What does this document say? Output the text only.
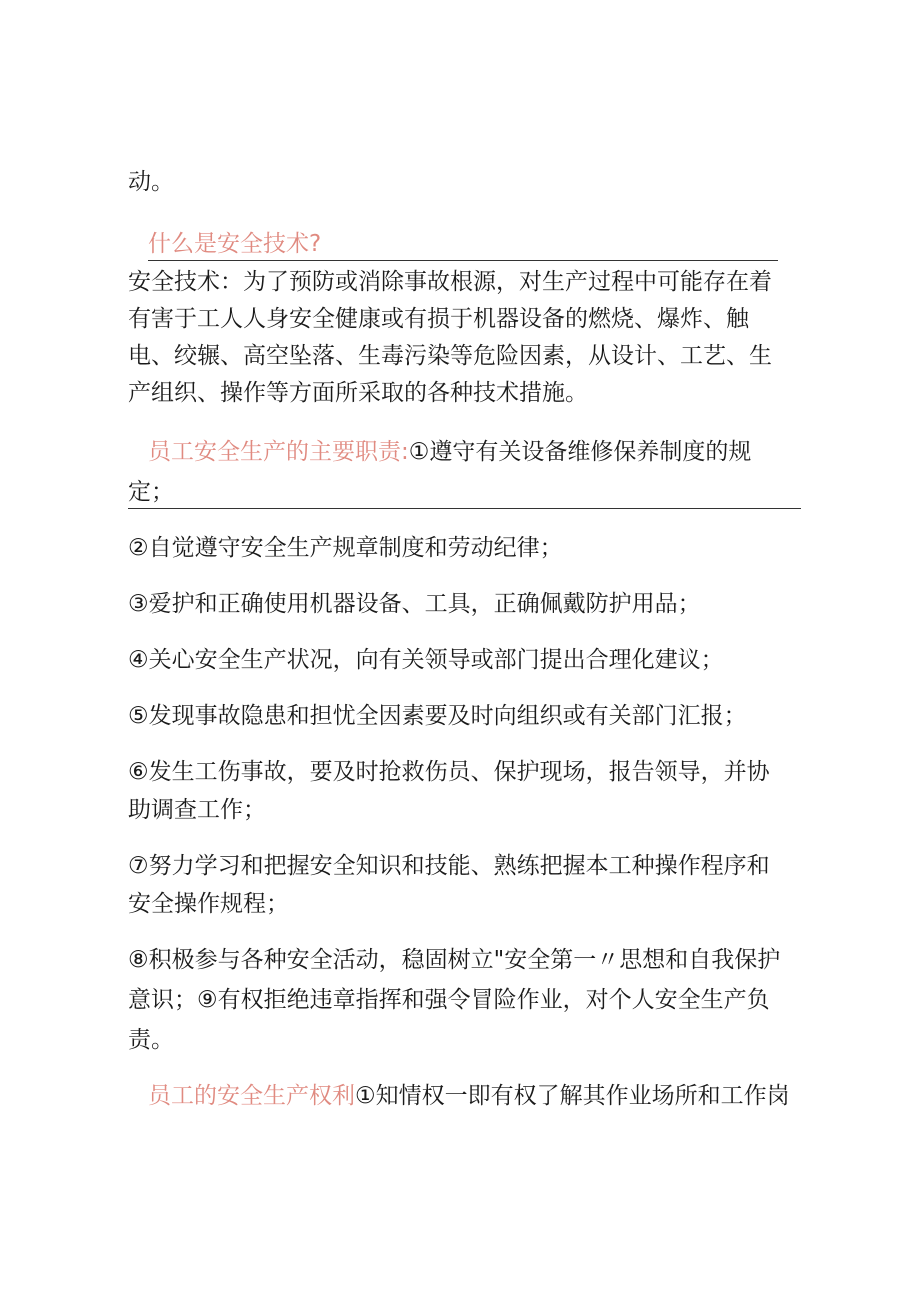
动。
什么是安全技术?
安全技术：为了预防或消除事故根源，对生产过程中可能存在着
有害于工人人身安全健康或有损于机器设备的燃烧、爆炸、触
电、绞辗、高空坠落、生毒污染等危险因素，从设计、工艺、生
产组织、操作等方面所采取的各种技术措施。
员工安全生产的主要职责:①遵守有关设备维修保养制度的规
定；
②自觉遵守安全生产规章制度和劳动纪律；
③爱护和正确使用机器设备、工具，正确佩戴防护用品；
④关心安全生产状况，向有关领导或部门提出合理化建议；
⑤发现事故隐患和担忧全因素要及时向组织或有关部门汇报；
⑥发生工伤事故，要及时抢救伤员、保护现场，报告领导，并协
助调查工作；
⑦努力学习和把握安全知识和技能、熟练把握本工种操作程序和
安全操作规程；
⑧积极参与各种安全活动，稳固树立"安全第一〃思想和自我保护
意识；⑨有权拒绝违章指挥和强令冒险作业，对个人安全生产负
责。
员工的安全生产权利①知情权一即有权了解其作业场所和工作岗
